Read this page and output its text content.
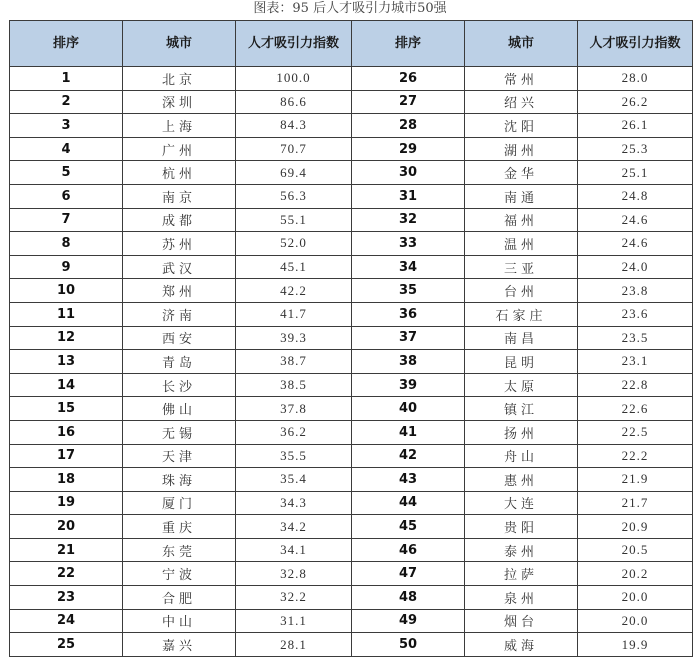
图表：95 后人才吸引力城市50强
排序	城市	人才吸引力指数	排序	城市	人才吸引力指数
1	北京	100.0	26	常州	28.0
2	深圳	86.6	27	绍兴	26.2
3	上海	84.3	28	沈阳	26.1
4	广州	70.7	29	湖州	25.3
5	杭州	69.4	30	金华	25.1
6	南京	56.3	31	南通	24.8
7	成都	55.1	32	福州	24.6
8	苏州	52.0	33	温州	24.6
9	武汉	45.1	34	三亚	24.0
10	郑州	42.2	35	台州	23.8
11	济南	41.7	36	石家庄	23.6
12	西安	39.3	37	南昌	23.5
13	青岛	38.7	38	昆明	23.1
14	长沙	38.5	39	太原	22.8
15	佛山	37.8	40	镇江	22.6
16	无锡	36.2	41	扬州	22.5
17	天津	35.5	42	舟山	22.2
18	珠海	35.4	43	惠州	21.9
19	厦门	34.3	44	大连	21.7
20	重庆	34.2	45	贵阳	20.9
21	东莞	34.1	46	泰州	20.5
22	宁波	32.8	47	拉萨	20.2
23	合肥	32.2	48	泉州	20.0
24	中山	31.1	49	烟台	20.0
25	嘉兴	28.1	50	威海	19.9
